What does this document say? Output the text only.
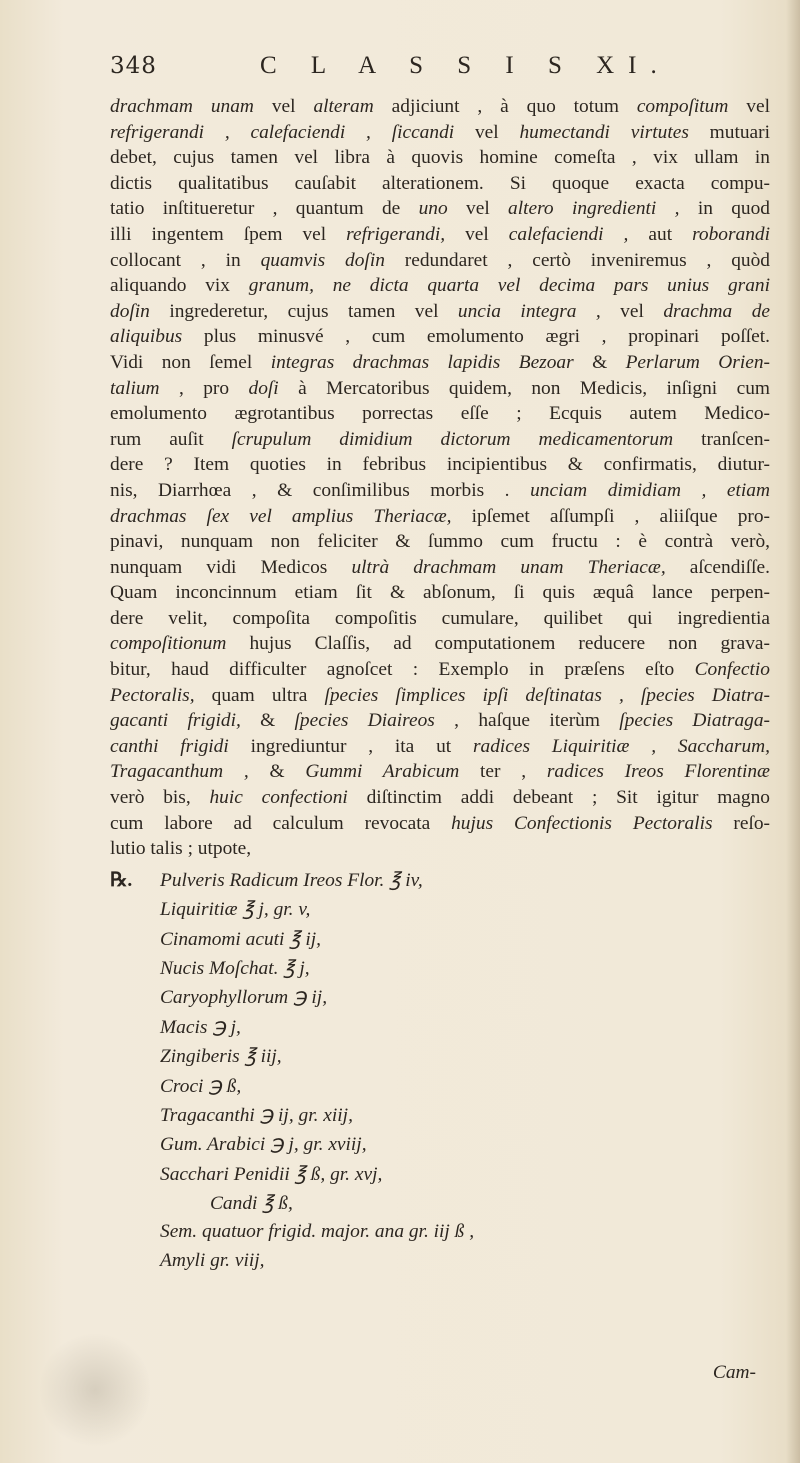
348	C L A S S I S XI.
drachmam unam vel alteram adjiciunt , à quo totum compoſitum vel
refrigerandi , calefaciendi , ſiccandi vel humectandi virtutes mutuari
debet, cujus tamen vel libra à quovis homine comeſta , vix ullam in
dictis qualitatibus cauſabit alterationem. Si quoque exacta compu-
tatio inſtitueretur , quantum de uno vel altero ingredienti , in quod
illi ingentem ſpem vel refrigerandi, vel calefaciendi , aut roborandi
collocant , in quamvis doſin redundaret , certò inveniremus , quòd
aliquando vix granum, ne dicta quarta vel decima pars unius grani
doſin ingrederetur, cujus tamen vel uncia integra , vel drachma de
aliquibus plus minusvé , cum emolumento ægri , propinari poſſet.
Vidi non ſemel integras drachmas lapidis Bezoar & Perlarum Orien-
talium , pro doſi à Mercatoribus quidem, non Medicis, inſigni cum
emolumento ægrotantibus porrectas eſſe ; Ecquis autem Medico-
rum auſit ſcrupulum dimidium dictorum medicamentorum tranſcen-
dere ? Item quoties in febribus incipientibus & confirmatis, diutur-
nis, Diarrhœa , & conſimilibus morbis . unciam dimidiam , etiam
drachmas ſex vel amplius Theriacæ, ipſemet aſſumpſi , aliiſque pro-
pinavi, nunquam non feliciter & ſummo cum fructu : è contrà verò,
nunquam vidi Medicos ultrà drachmam unam Theriacæ, aſcendiſſe.
Quam inconcinnum etiam ſit & abſonum, ſi quis æquâ lance perpen-
dere velit, compoſita compoſitis cumulare, quilibet qui ingredientia
compoſitionum hujus Claſſis, ad computationem reducere non grava-
bitur, haud difficulter agnoſcet : Exemplo in præſens eſto Confectio
Pectoralis, quam ultra ſpecies ſimplices ipſi deſtinatas , ſpecies Diatra-
gacanti frigidi, & ſpecies Diaireos , haſque iterùm ſpecies Diatraga-
canthi frigidi ingrediuntur , ita ut radices Liquiritiæ , Saccharum,
Tragacanthum , & Gummi Arabicum ter , radices Ireos Florentinæ
verò bis, huic confectioni diſtinctim addi debeant ; Sit igitur magno
cum labore ad calculum revocata hujus Confectionis Pectoralis reſo-
lutio talis ; utpote,
℞.	Pulveris Radicum Ireos Flor. ℥ iv,
Liquiritiæ ℥ j, gr. v,
Cinamomi acuti ℥ ij,
Nucis Moſchat. ℥ j,
Caryophyllorum ℈ ij,
Macis ℈ j,
Zingiberis ℥ iij,
Croci ℈ ß,
Tragacanthi ℈ ij, gr. xiij,
Gum. Arabici ℈ j, gr. xviij,
Sacchari Penidii ℥ ß, gr. xvj,
Candi ℥ ß,
Sem. quatuor frigid. major. ana gr. iij ß ,
Amyli gr. viij,
Cam-
